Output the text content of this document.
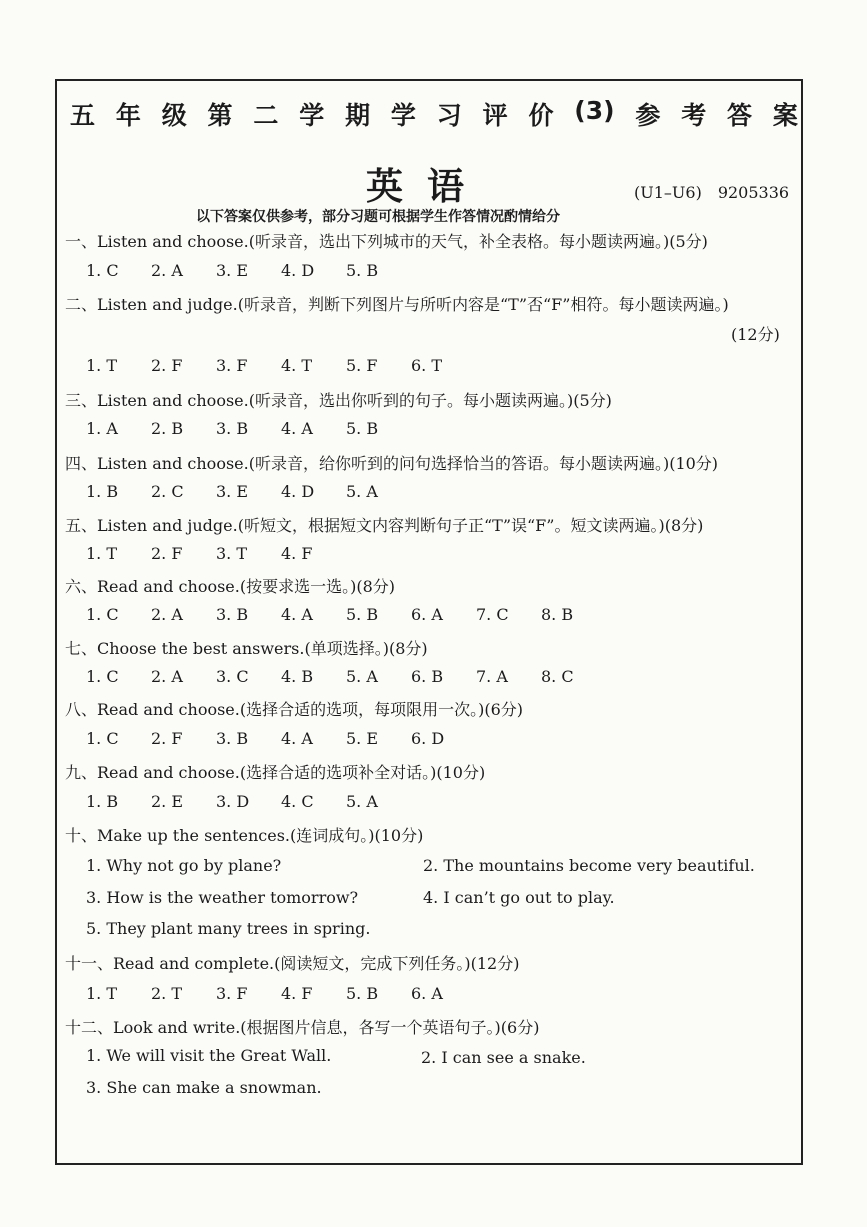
五 年 级 第 二 学 期 学 习 评 价 (3) 参 考 答 案
英语	(U1–U6)　9205336
以下答案仅供参考，部分习题可根据学生作答情况酌情给分
一、Listen and choose.(听录音，选出下列城市的天气，补全表格。每小题读两遍。)(5分)
1. C 2. A 3. E 4. D 5. B
二、Listen and judge.(听录音，判断下列图片与所听内容是“T”否“F”相符。每小题读两遍。)
(12分)
1. T 2. F 3. F 4. T 5. F 6. T
三、Listen and choose.(听录音，选出你听到的句子。每小题读两遍。)(5分)
1. A 2. B 3. B 4. A 5. B
四、Listen and choose.(听录音，给你听到的问句选择恰当的答语。每小题读两遍。)(10分)
1. B 2. C 3. E 4. D 5. A
五、Listen and judge.(听短文，根据短文内容判断句子正“T”误“F”。短文读两遍。)(8分)
1. T 2. F 3. T 4. F
六、Read and choose.(按要求选一选。)(8分)
1. C 2. A 3. B 4. A 5. B 6. A 7. C 8. B
七、Choose the best answers.(单项选择。)(8分)
1. C 2. A 3. C 4. B 5. A 6. B 7. A 8. C
八、Read and choose.(选择合适的选项，每项限用一次。)(6分)
1. C 2. F 3. B 4. A 5. E 6. D
九、Read and choose.(选择合适的选项补全对话。)(10分)
1. B 2. E 3. D 4. C 5. A
十、Make up the sentences.(连词成句。)(10分)
1. Why not go by plane?	2. The mountains become very beautiful.
3. How is the weather tomorrow?	4. I can’t go out to play.
5. They plant many trees in spring.
十一、Read and complete.(阅读短文，完成下列任务。)(12分)
1. T 2. T 3. F 4. F 5. B 6. A
十二、Look and write.(根据图片信息，各写一个英语句子。)(6分)
1. We will visit the Great Wall.	2. I can see a snake.
3. She can make a snowman.
